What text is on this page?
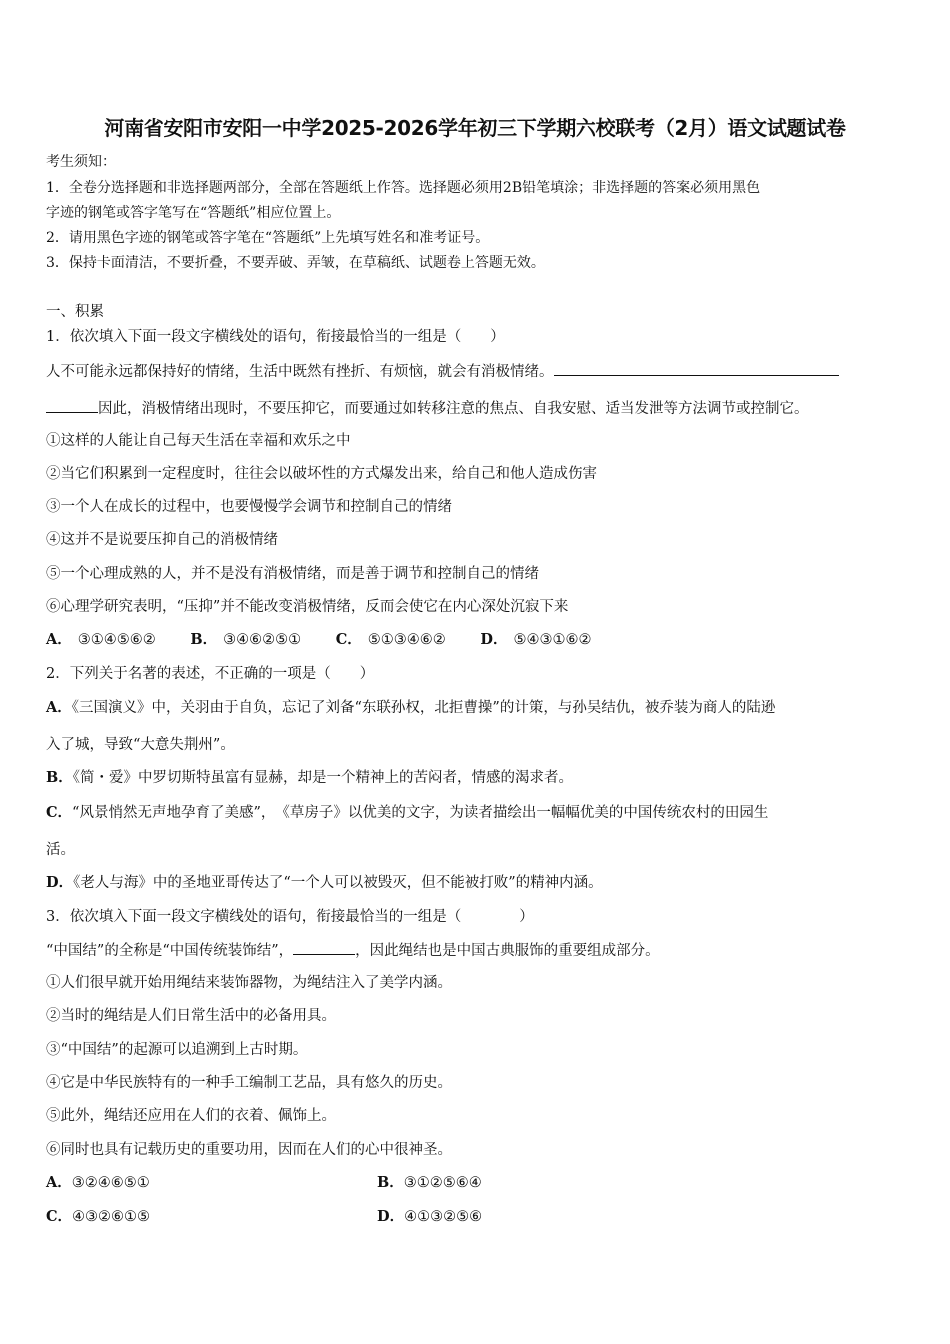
河南省安阳市安阳一中学2025-2026学年初三下学期六校联考（2月）语文试题试卷
考生须知：
1．全卷分选择题和非选择题两部分，全部在答题纸上作答。选择题必须用2B铅笔填涂；非选择题的答案必须用黑色
字迹的钢笔或答字笔写在“答题纸”相应位置上。
2．请用黑色字迹的钢笔或答字笔在“答题纸”上先填写姓名和准考证号。
3．保持卡面清洁，不要折叠，不要弄破、弄皱，在草稿纸、试题卷上答题无效。
一、积累
1．依次填入下面一段文字横线处的语句，衔接最恰当的一组是（　　）
人不可能永远都保持好的情绪，生活中既然有挫折、有烦恼，就会有消极情绪。
因此，消极情绪出现时，不要压抑它，而要通过如转移注意的焦点、自我安慰、适当发泄等方法调节或控制它。
①这样的人能让自己每天生活在幸福和欢乐之中
②当它们积累到一定程度时，往往会以破坏性的方式爆发出来，给自己和他人造成伤害
③一个人在成长的过程中，也要慢慢学会调节和控制自己的情绪
④这并不是说要压抑自己的消极情绪
⑤一个心理成熟的人，并不是没有消极情绪，而是善于调节和控制自己的情绪
⑥心理学研究表明，“压抑”并不能改变消极情绪，反而会使它在内心深处沉寂下来
A． ③①④⑤⑥② B． ③④⑥②⑤① C． ⑤①③④⑥② D． ⑤④③①⑥②
2．下列关于名著的表述，不正确的一项是（　　）
A．《三国演义》中，关羽由于自负，忘记了刘备“东联孙权，北拒曹操”的计策，与孙吴结仇，被乔装为商人的陆逊
入了城，导致“大意失荆州”。
B．《简・爱》中罗切斯特虽富有显赫，却是一个精神上的苦闷者，情感的渴求者。
C．“风景悄然无声地孕育了美感”，　《草房子》以优美的文字，为读者描绘出一幅幅优美的中国传统农村的田园生
活。
D．《老人与海》中的圣地亚哥传达了“一个人可以被毁灭，但不能被打败”的精神内涵。
3．依次填入下面一段文字横线处的语句，衔接最恰当的一组是（　　　　）
“中国结”的全称是“中国传统装饰结”，	，因此绳结也是中国古典服饰的重要组成部分。
①人们很早就开始用绳结来装饰器物，为绳结注入了美学内涵。
②当时的绳结是人们日常生活中的必备用具。
③“中国结”的起源可以追溯到上古时期。
④它是中华民族特有的一种手工编制工艺品，具有悠久的历史。
⑤此外，绳结还应用在人们的衣着、佩饰上。
⑥同时也具有记载历史的重要功用，因而在人们的心中很神圣。
A．③②④⑥⑤①	B．③①②⑤⑥④
C．④③②⑥①⑤	D．④①③②⑤⑥
